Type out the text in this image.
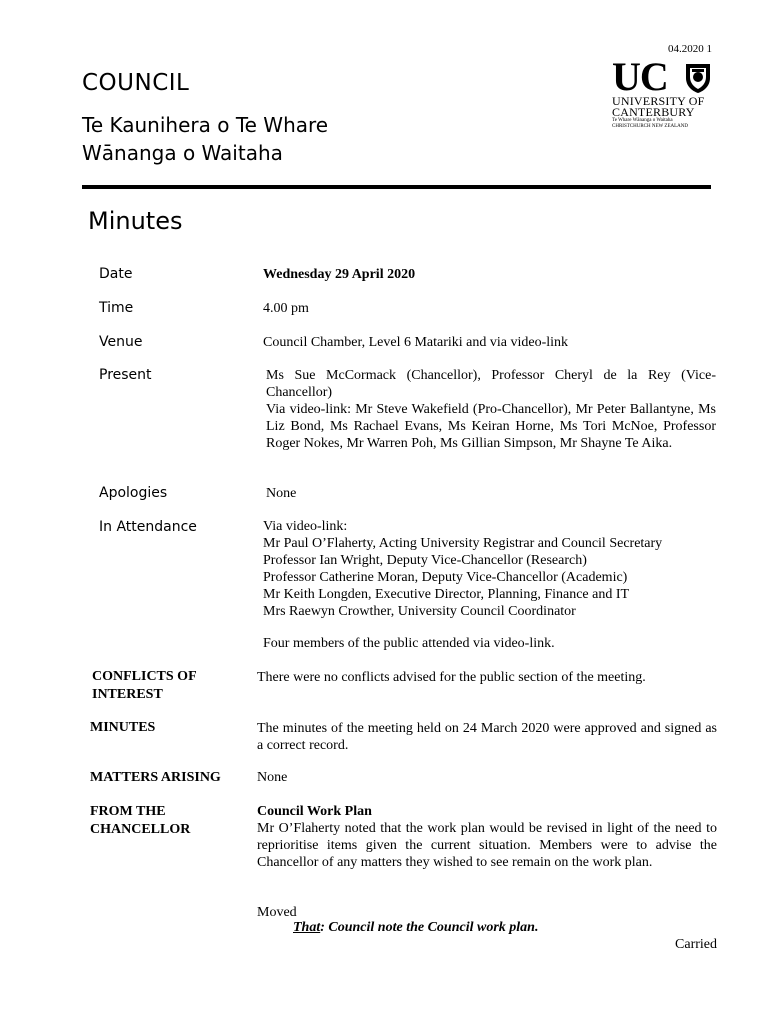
04.2020 1
COUNCIL
Te Kaunihera o Te Whare
Wānanga o Waitaha
UC
UNIVERSITY OF
CANTERBURY
Te Whare Wānanga o Waitaha
CHRISTCHURCH NEW ZEALAND
Minutes
Date	Wednesday 29 April 2020
Time	4.00 pm
Venue	Council Chamber, Level 6 Matariki and via video-link
Present	Ms Sue McCormack (Chancellor), Professor Cheryl de la Rey (Vice-Chancellor)
Via video-link: Mr Steve Wakefield (Pro-Chancellor), Mr Peter Ballantyne, Ms Liz Bond, Ms Rachael Evans, Ms Keiran Horne, Ms Tori McNoe, Professor Roger Nokes, Mr Warren Poh, Ms Gillian Simpson, Mr Shayne Te Aika.
Apologies	None
In Attendance	Via video-link:
Mr Paul O’Flaherty, Acting University Registrar and Council Secretary
Professor Ian Wright, Deputy Vice-Chancellor (Research)
Professor Catherine Moran, Deputy Vice-Chancellor (Academic)
Mr Keith Longden, Executive Director, Planning, Finance and IT
Mrs Raewyn Crowther, University Council Coordinator
Four members of the public attended via video-link.
CONFLICTS OF INTEREST
There were no conflicts advised for the public section of the meeting.
MINUTES	The minutes of the meeting held on 24 March 2020 were approved and signed as a correct record.
MATTERS ARISING	None
FROM THE CHANCELLOR
Council Work Plan
Mr O’Flaherty noted that the work plan would be revised in light of the need to reprioritise items given the current situation. Members were to advise the Chancellor of any matters they wished to see remain on the work plan.
Moved
That: Council note the Council work plan.
Carried
